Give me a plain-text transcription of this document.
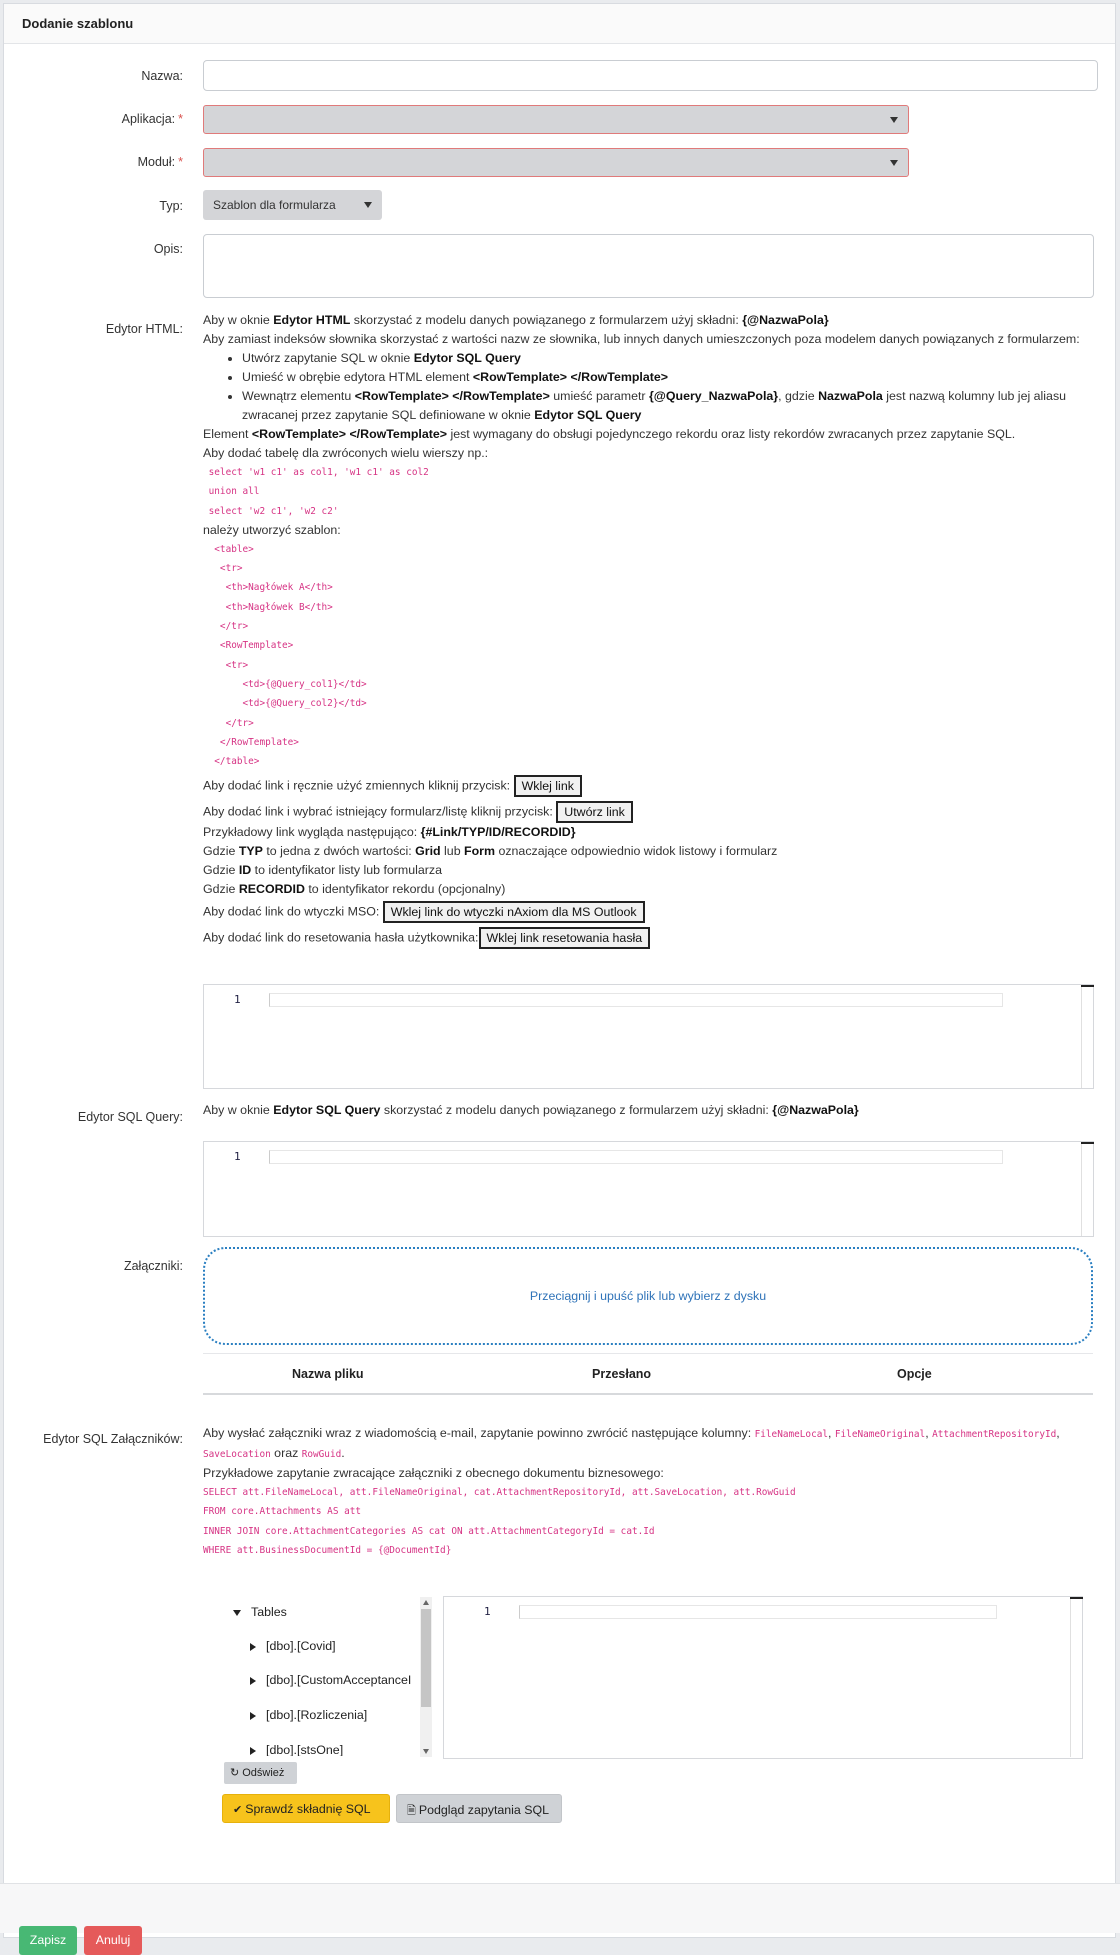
Dodanie szablonu
Nazwa:
Aplikacja: *
Moduł: *
Typ:	Szablon dla formularza
Opis:
Edytor HTML:
Aby w oknie Edytor HTML skorzystać z modelu danych powiązanego z formularzem użyj składni: {@NazwaPola}
Aby zamiast indeksów słownika skorzystać z wartości nazw ze słownika, lub innych danych umieszczonych poza modelem danych powiązanych z formularzem:
• Utwórz zapytanie SQL w oknie Edytor SQL Query
• Umieść w obrębie edytora HTML element <RowTemplate> </RowTemplate>
• Wewnątrz elementu <RowTemplate> </RowTemplate> umieść parametr {@Query_NazwaPola}, gdzie NazwaPola jest nazwą kolumny lub jej aliasu zwracanej przez zapytanie SQL definiowane w oknie Edytor SQL Query
Element <RowTemplate> </RowTemplate> jest wymagany do obsługi pojedynczego rekordu oraz listy rekordów zwracanych przez zapytanie SQL.
Aby dodać tabelę dla zwróconych wielu wierszy np.:
select 'w1 c1' as col1, 'w1 c1' as col2
union all
select 'w2 c1', 'w2 c2'
należy utworzyć szablon:
<table>
<tr>
<th>Nagłówek A</th>
<th>Nagłówek B</th>
</tr>
<RowTemplate>
<tr>
<td>{@Query_col1}</td>
<td>{@Query_col2}</td>
</tr>
</RowTemplate>
</table>
Aby dodać link i ręcznie użyć zmiennych kliknij przycisk: Wklej link
Aby dodać link i wybrać istniejący formularz/listę kliknij przycisk: Utwórz link
Przykładowy link wygląda następująco: {#Link/TYP/ID/RECORDID}
Gdzie TYP to jedna z dwóch wartości: Grid lub Form oznaczające odpowiednio widok listowy i formularz
Gdzie ID to identyfikator listy lub formularza
Gdzie RECORDID to identyfikator rekordu (opcjonalny)
Aby dodać link do wtyczki MSO: Wklej link do wtyczki nAxiom dla MS Outlook
Aby dodać link do resetowania hasła użytkownika: Wklej link resetowania hasła
1
Edytor SQL Query: Aby w oknie Edytor SQL Query skorzystać z modelu danych powiązanego z formularzem użyj składni: {@NazwaPola}
1
Załączniki:
Przeciągnij i upuść plik lub wybierz z dysku
Nazwa pliku	Przesłano	Opcje
Edytor SQL Załączników: Aby wysłać załączniki wraz z wiadomością e-mail, zapytanie powinno zwrócić następujące kolumny: FileNameLocal, FileNameOriginal, AttachmentRepositoryId, SaveLocation oraz RowGuid.
Przykładowe zapytanie zwracające załączniki z obecnego dokumentu biznesowego:
SELECT att.FileNameLocal, att.FileNameOriginal, cat.AttachmentRepositoryId, att.SaveLocation, att.RowGuid
FROM core.Attachments AS att
INNER JOIN core.AttachmentCategories AS cat ON att.AttachmentCategoryId = cat.Id
WHERE att.BusinessDocumentId = {@DocumentId}
Tables
[dbo].[Covid]
[dbo].[CustomAcceptanceI
[dbo].[Rozliczenia]
[dbo].[stsOne]
1
↻ Odśwież
✔ Sprawdź składnię SQL	🗎 Podgląd zapytania SQL
Zapisz	Anuluj
